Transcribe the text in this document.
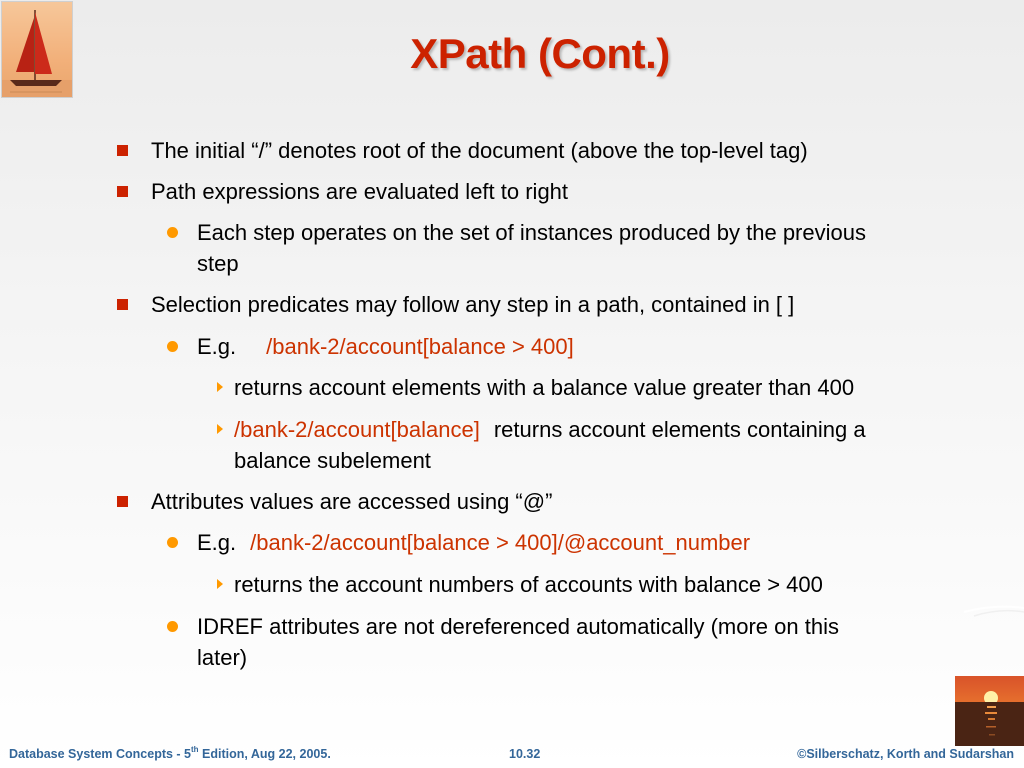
XPath (Cont.)
The initial “/” denotes root of the document (above the top-level tag)
Path expressions are evaluated left to right
Each step operates on the set of instances produced by the previous
step
Selection predicates may follow any step in a path, contained in [ ]
E.g. /bank-2/account[balance > 400]
returns account elements with a balance value greater than 400
/bank-2/account[balance] returns account elements containing a
balance subelement
Attributes values are accessed using “@”
E.g. /bank-2/account[balance > 400]/@account_number
returns the account numbers of accounts with balance > 400
IDREF attributes are not dereferenced automatically (more on this
later)
Database System Concepts - 5th Edition, Aug 22, 2005.	10.32	©Silberschatz, Korth and Sudarshan
